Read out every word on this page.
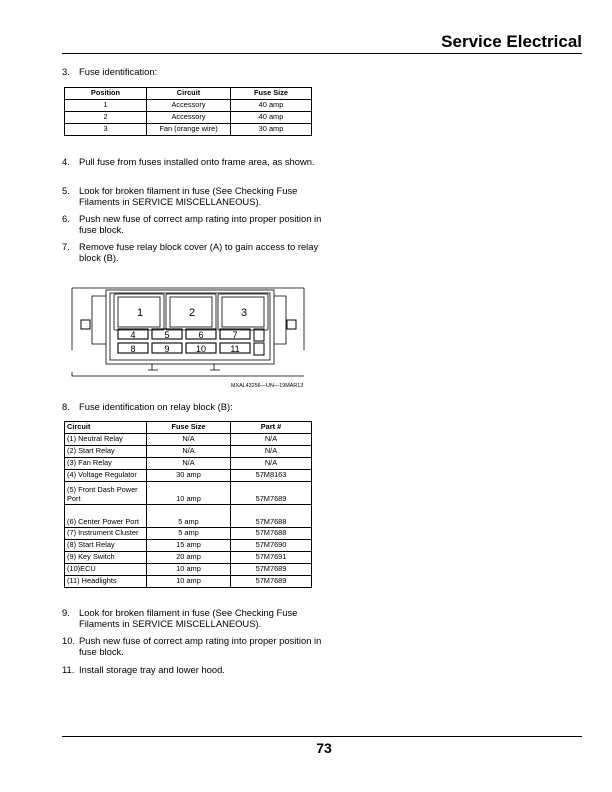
Service Electrical
3. Fuse identification:
Position	Circuit	Fuse Size
1	Accessory	40 amp
2	Accessory	40 amp
3	Fan (orange wire)	30 amp
4. Pull fuse from fuses installed onto frame area, as shown.
5. Look for broken filament in fuse (See Checking Fuse Filaments in SERVICE MISCELLANEOUS).
6. Push new fuse of correct amp rating into proper position in fuse block.
7. Remove fuse relay block cover (A) to gain access to relay block (B).
1	2	3
4	5	6	7
8	9	10	11
MXAL43256—UN—19MAR13
8. Fuse identification on relay block (B):
Circuit	Fuse Size	Part #
(1) Neutral Relay	N/A	N/A
(2) Start Relay	N/A	N/A
(3) Fan Relay	N/A	N/A
(4) Voltage Regulator	30 amp	57M8163
(5) Front Dash Power Port	10 amp	57M7689
(6) Center Power Port	5 amp	57M7688
(7) Instrument Cluster	5 amp	57M7688
(8) Start Relay	15 amp	57M7690
(9) Key Switch	20 amp	57M7691
(10)ECU	10 amp	57M7689
(11) Headlights	10 amp	57M7689
9. Look for broken filament in fuse (See Checking Fuse Filaments in SERVICE MISCELLANEOUS).
10. Push new fuse of correct amp rating into proper position in fuse block.
11. Install storage tray and lower hood.
73
